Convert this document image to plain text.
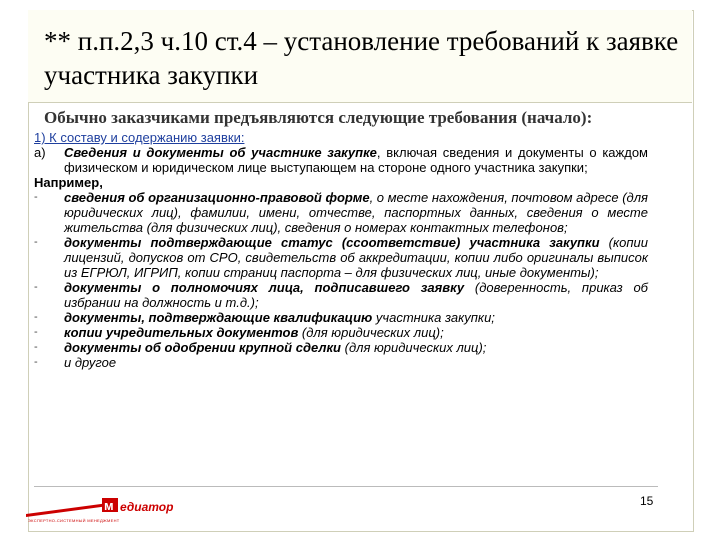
** п.п.2,3 ч.10 ст.4 – установление требований к заявке участника закупки
Обычно заказчиками предъявляются следующие требования (начало):
1) К составу и содержанию заявки:
а)	Сведения и документы об участнике закупке, включая сведения и документы о каждом физическом и юридическом лице выступающем на стороне одного участника закупки;
Например,
-	сведения об организационно-правовой форме, о месте нахождения, почтовом адресе (для юридических лиц), фамилии, имени, отчестве, паспортных данных, сведения о месте жительства (для физических лиц), сведения о номерах контактных телефонов;
-	документы подтверждающие статус (ссоответствие) участника закупки (копии лицензий, допусков от СРО, свидетельств об аккредитации, копии либо оригиналы выписок из ЕГРЮЛ, ИГРИП, копии страниц паспорта – для физических лиц, иные документы);
-	документы о полномочиях лица, подписавшего заявку (доверенность, приказ об избрании на должность и т.д.);
-	документы, подтверждающие квалификацию участника закупки;
-	копии учредительных документов (для юридических лиц);
-	документы об одобрении крупной сделки (для юридических лиц);
-	и другое
15
м едиатор
ЭКСПЕРТНО-СИСТЕМНЫЙ МЕНЕДЖМЕНТ
